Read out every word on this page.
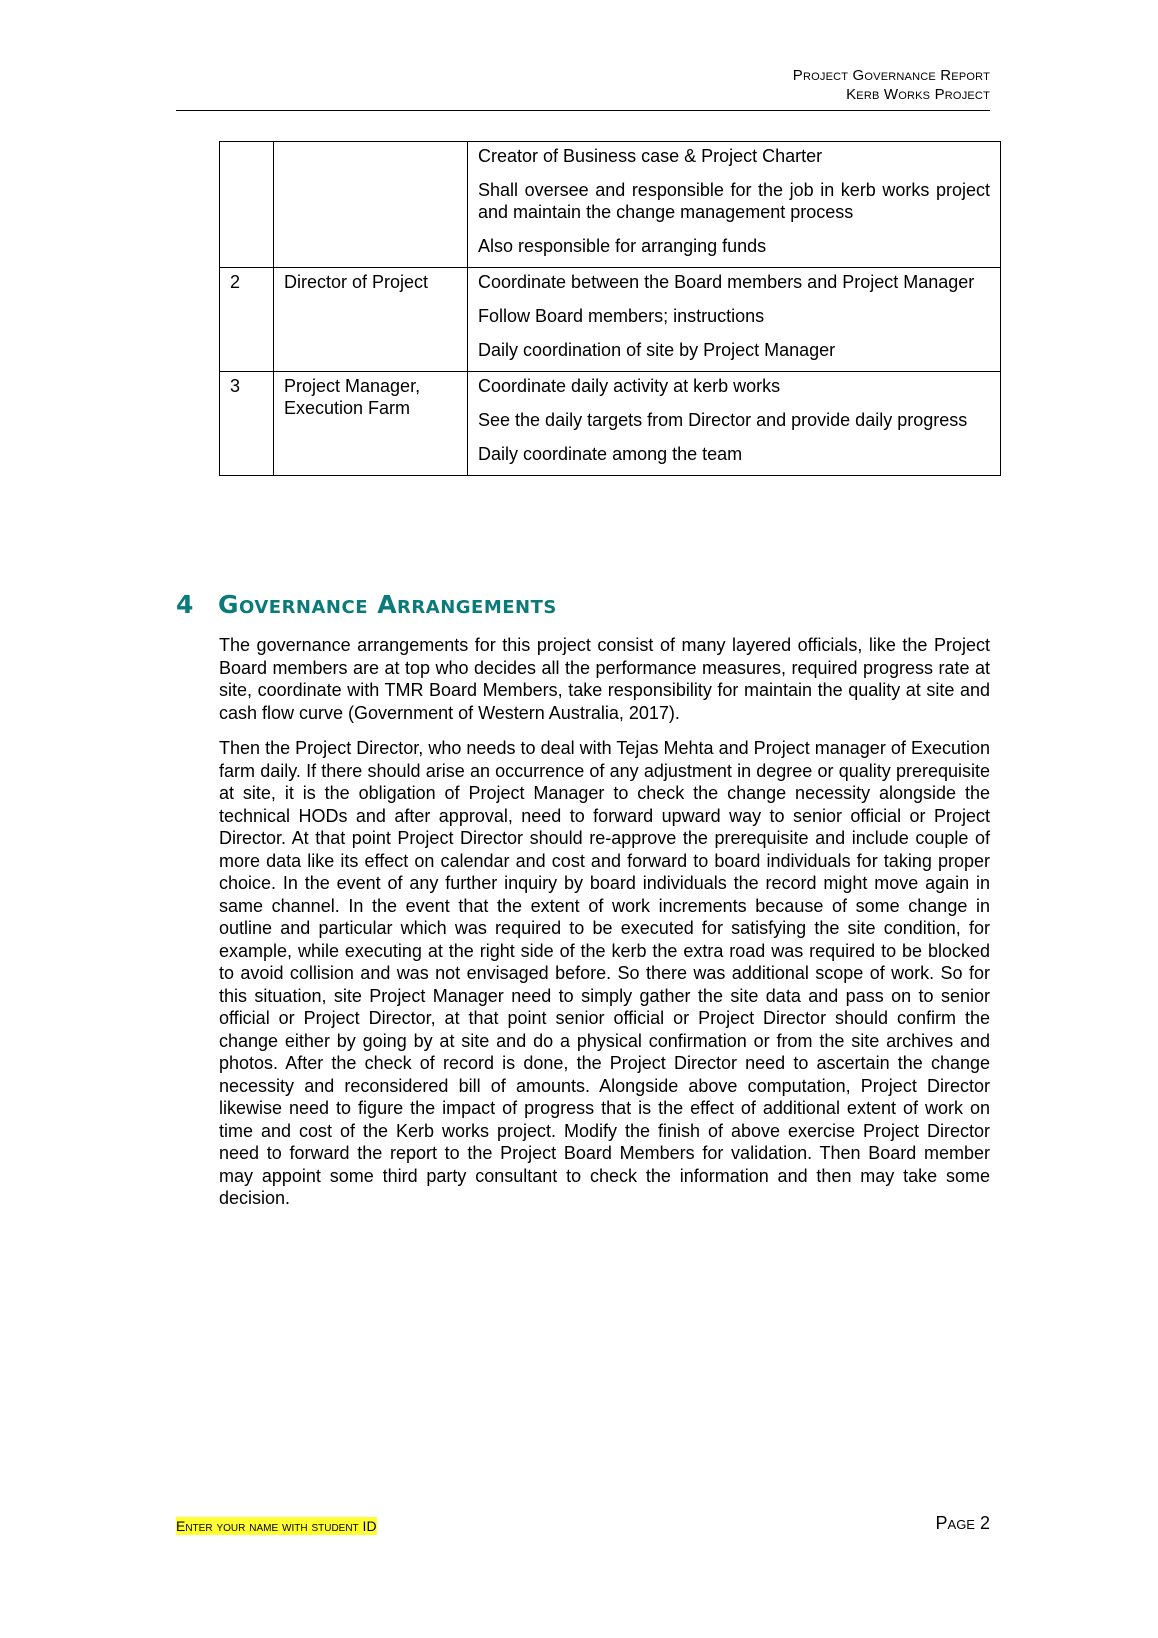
Project Governance Report
Kerb Works Project

		Creator of Business case & Project Charter

Shall oversee and responsible for the job in kerb works project and maintain the change management process

Also responsible for arranging funds

2	Director of Project	Coordinate between the Board members and Project Manager

Follow Board members; instructions

Daily coordination of site by Project Manager

3	Project Manager, Execution Farm	Coordinate daily activity at kerb works

See the daily targets from Director and provide daily progress

Daily coordinate among the team

4 Governance Arrangements

The governance arrangements for this project consist of many layered officials, like the Project Board members are at top who decides all the performance measures, required progress rate at site, coordinate with TMR Board Members, take responsibility for maintain the quality at site and cash flow curve (Government of Western Australia, 2017).

Then the Project Director, who needs to deal with Tejas Mehta and Project manager of Execution farm daily. If there should arise an occurrence of any adjustment in degree or quality prerequisite at site, it is the obligation of Project Manager to check the change necessity alongside the technical HODs and after approval, need to forward upward way to senior official or Project Director. At that point Project Director should re-approve the prerequisite and include couple of more data like its effect on calendar and cost and forward to board individuals for taking proper choice. In the event of any further inquiry by board individuals the record might move again in same channel. In the event that the extent of work increments because of some change in outline and particular which was required to be executed for satisfying the site condition, for example, while executing at the right side of the kerb the extra road was required to be blocked to avoid collision and was not envisaged before. So there was additional scope of work. So for this situation, site Project Manager need to simply gather the site data and pass on to senior official or Project Director, at that point senior official or Project Director should confirm the change either by going by at site and do a physical confirmation or from the site archives and photos. After the check of record is done, the Project Director need to ascertain the change necessity and reconsidered bill of amounts. Alongside above computation, Project Director likewise need to figure the impact of progress that is the effect of additional extent of work on time and cost of the Kerb works project. Modify the finish of above exercise Project Director need to forward the report to the Project Board Members for validation. Then Board member may appoint some third party consultant to check the information and then may take some decision.

Enter your name with student ID	Page 2
